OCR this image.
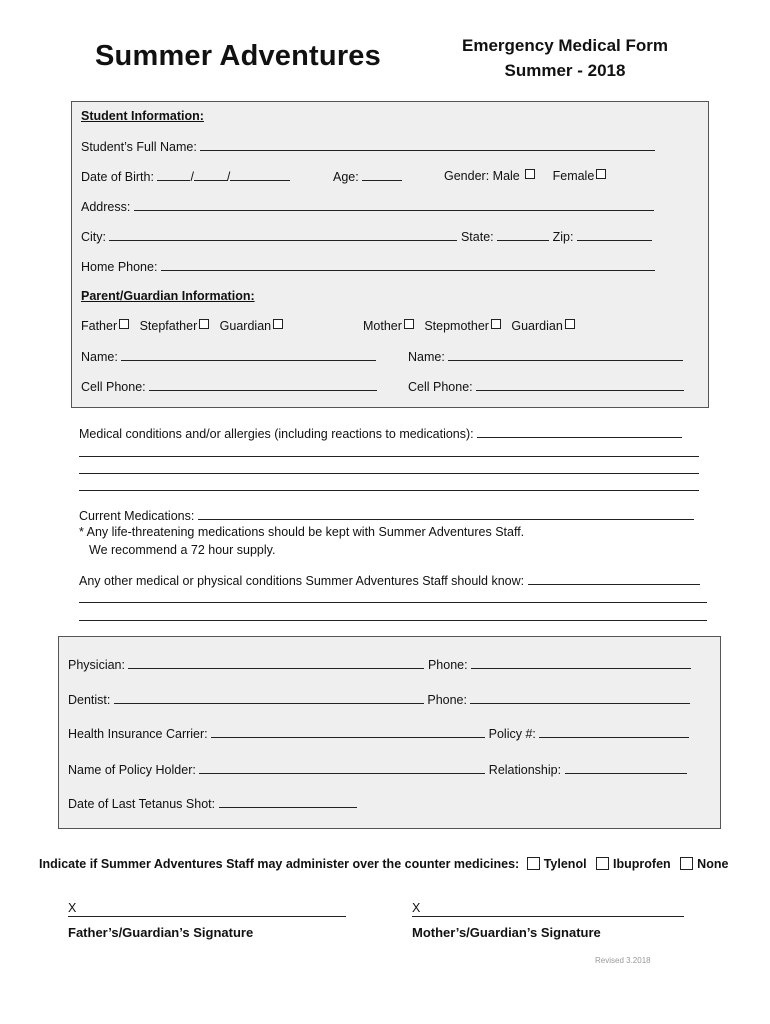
Summer Adventures	Emergency Medical Form
Summer - 2018
Student Information:
Student’s Full Name:
Date of Birth:	/	/	Age:	Gender: Male	Female
Address:
City:	State:	Zip:
Home Phone:
Parent/Guardian Information:
Father Stepfather Guardian	Mother Stepmother Guardian
Name:	Name:
Cell Phone:	Cell Phone:
Medical conditions and/or allergies (including reactions to medications):
Current Medications:
* Any life-threatening medications should be kept with Summer Adventures Staff.
We recommend a 72 hour supply.
Any other medical or physical conditions Summer Adventures Staff should know:
Physician:	Phone:
Dentist:	Phone:
Health Insurance Carrier:	Policy #:
Name of Policy Holder:	Relationship:
Date of Last Tetanus Shot:
Indicate if Summer Adventures Staff may administer over the counter medicines: Tylenol Ibuprofen None
X
Father’s/Guardian’s Signature
X
Mother’s/Guardian’s Signature
Revised 3.2018
